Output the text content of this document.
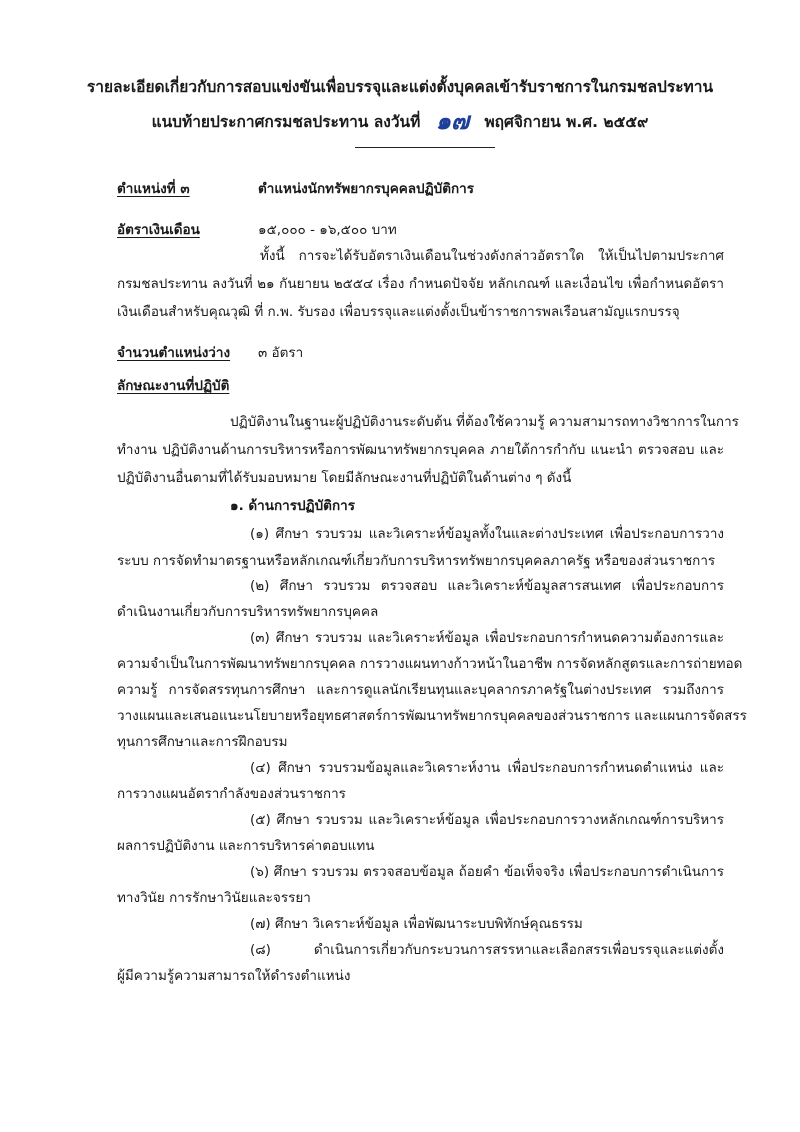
รายละเอียดเกี่ยวกับการสอบแข่งขันเพื่อบรรจุและแต่งตั้งบุคคลเข้ารับราชการในกรมชลประทาน
แนบท้ายประกาศกรมชลประทาน ลงวันที่ ๑๗ พฤศจิกายน พ.ศ. ๒๕๕๙
ตำแหน่งที่ ๓	ตำแหน่งนักทรัพยากรบุคคลปฏิบัติการ
อัตราเงินเดือน	๑๕,๐๐๐ - ๑๖,๕๐๐ บาท
ทั้งนี้ การจะได้รับอัตราเงินเดือนในช่วงดังกล่าวอัตราใด ให้เป็นไปตามประกาศ
กรมชลประทาน ลงวันที่ ๒๑ กันยายน ๒๕๕๔ เรื่อง กำหนดปัจจัย หลักเกณฑ์ และเงื่อนไข เพื่อกำหนดอัตรา
เงินเดือนสำหรับคุณวุฒิ ที่ ก.พ. รับรอง เพื่อบรรจุและแต่งตั้งเป็นข้าราชการพลเรือนสามัญแรกบรรจุ
จำนวนตำแหน่งว่าง ๓ อัตรา
ลักษณะงานที่ปฏิบัติ
ปฏิบัติงานในฐานะผู้ปฏิบัติงานระดับต้น ที่ต้องใช้ความรู้ ความสามารถทางวิชาการในการ
ทำงาน ปฏิบัติงานด้านการบริหารหรือการพัฒนาทรัพยากรบุคคล ภายใต้การกำกับ แนะนำ ตรวจสอบ และ
ปฏิบัติงานอื่นตามที่ได้รับมอบหมาย โดยมีลักษณะงานที่ปฏิบัติในด้านต่าง ๆ ดังนี้
๑. ด้านการปฏิบัติการ
(๑) ศึกษา รวบรวม และวิเคราะห์ข้อมูลทั้งในและต่างประเทศ เพื่อประกอบการวาง
ระบบ การจัดทำมาตรฐานหรือหลักเกณฑ์เกี่ยวกับการบริหารทรัพยากรบุคคลภาครัฐ หรือของส่วนราชการ
(๒) ศึกษา รวบรวม ตรวจสอบ และวิเคราะห์ข้อมูลสารสนเทศ เพื่อประกอบการ
ดำเนินงานเกี่ยวกับการบริหารทรัพยากรบุคคล
(๓) ศึกษา รวบรวม และวิเคราะห์ข้อมูล เพื่อประกอบการกำหนดความต้องการและ
ความจำเป็นในการพัฒนาทรัพยากรบุคคล การวางแผนทางก้าวหน้าในอาชีพ การจัดหลักสูตรและการถ่ายทอด
ความรู้ การจัดสรรทุนการศึกษา และการดูแลนักเรียนทุนและบุคลากรภาครัฐในต่างประเทศ รวมถึงการ
วางแผนและเสนอแนะนโยบายหรือยุทธศาสตร์การพัฒนาทรัพยากรบุคคลของส่วนราชการ และแผนการจัดสรร
ทุนการศึกษาและการฝึกอบรม
(๔) ศึกษา รวบรวมข้อมูลและวิเคราะห์งาน เพื่อประกอบการกำหนดตำแหน่ง และ
การวางแผนอัตรากำลังของส่วนราชการ
(๕) ศึกษา รวบรวม และวิเคราะห์ข้อมูล เพื่อประกอบการวางหลักเกณฑ์การบริหาร
ผลการปฏิบัติงาน และการบริหารค่าตอบแทน
(๖) ศึกษา รวบรวม ตรวจสอบข้อมูล ถ้อยคำ ข้อเท็จจริง เพื่อประกอบการดำเนินการ
ทางวินัย การรักษาวินัยและจรรยา
(๗) ศึกษา วิเคราะห์ข้อมูล เพื่อพัฒนาระบบพิทักษ์คุณธรรม
(๘) ดำเนินการเกี่ยวกับกระบวนการสรรหาและเลือกสรรเพื่อบรรจุและแต่งตั้ง
ผู้มีความรู้ความสามารถให้ดำรงตำแหน่ง
